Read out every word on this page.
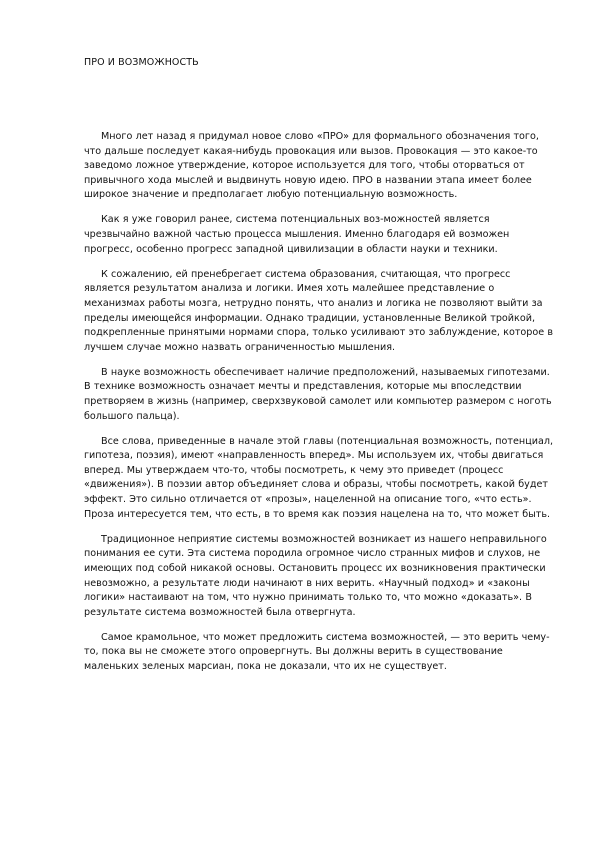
ПРО И ВОЗМОЖНОСТЬ

Много лет назад я придумал новое слово «ПРО» для формального обозначения того, что дальше последует какая-нибудь провокация или вызов. Провокация — это какое-то заведомо ложное утверждение, которое используется для того, чтобы оторваться от привычного хода мыслей и выдвинуть новую идею. ПРО в названии этапа имеет более широкое значение и предполагает любую потенциальную возможность.

Как я уже говорил ранее, система потенциальных воз-можностей является чрезвычайно важной частью процесса мышления. Именно благодаря ей возможен прогресс, особенно прогресс западной цивилизации в области науки и техники.

К сожалению, ей пренебрегает система образования, считающая, что прогресс является результатом анализа и логики. Имея хоть малейшее представление о механизмах работы мозга, нетрудно понять, что анализ и логика не позволяют выйти за пределы имеющейся информации. Однако традиции, установленные Великой тройкой, подкрепленные принятыми нормами спора, только усиливают это заблуждение, которое в лучшем случае можно назвать ограниченностью мышления.

В науке возможность обеспечивает наличие предположений, называемых гипотезами. В технике возможность означает мечты и представления, которые мы впоследствии претворяем в жизнь (например, сверхзвуковой самолет или компьютер размером с ноготь большого пальца).

Все слова, приведенные в начале этой главы (потенциальная возможность, потенциал, гипотеза, поэзия), имеют «направленность вперед». Мы используем их, чтобы двигаться вперед. Мы утверждаем что-то, чтобы посмотреть, к чему это приведет (процесс «движения»). В поэзии автор объединяет слова и образы, чтобы посмотреть, какой будет эффект. Это сильно отличается от «прозы», нацеленной на описание того, «что есть». Проза интересуется тем, что есть, в то время как поэзия нацелена на то, что может быть.

Традиционное неприятие системы возможностей возникает из нашего неправильного понимания ее сути. Эта система породила огромное число странных мифов и слухов, не имеющих под собой никакой основы. Остановить процесс их возникновения практически невозможно, а результате люди начинают в них верить. «Научный подход» и «законы логики» настаивают на том, что нужно принимать только то, что можно «доказать». В результате система возможностей была отвергнута.

Самое крамольное, что может предложить система возможностей, — это верить чему-то, пока вы не сможете этого опровергнуть. Вы должны верить в существование маленьких зеленых марсиан, пока не доказали, что их не существует.
